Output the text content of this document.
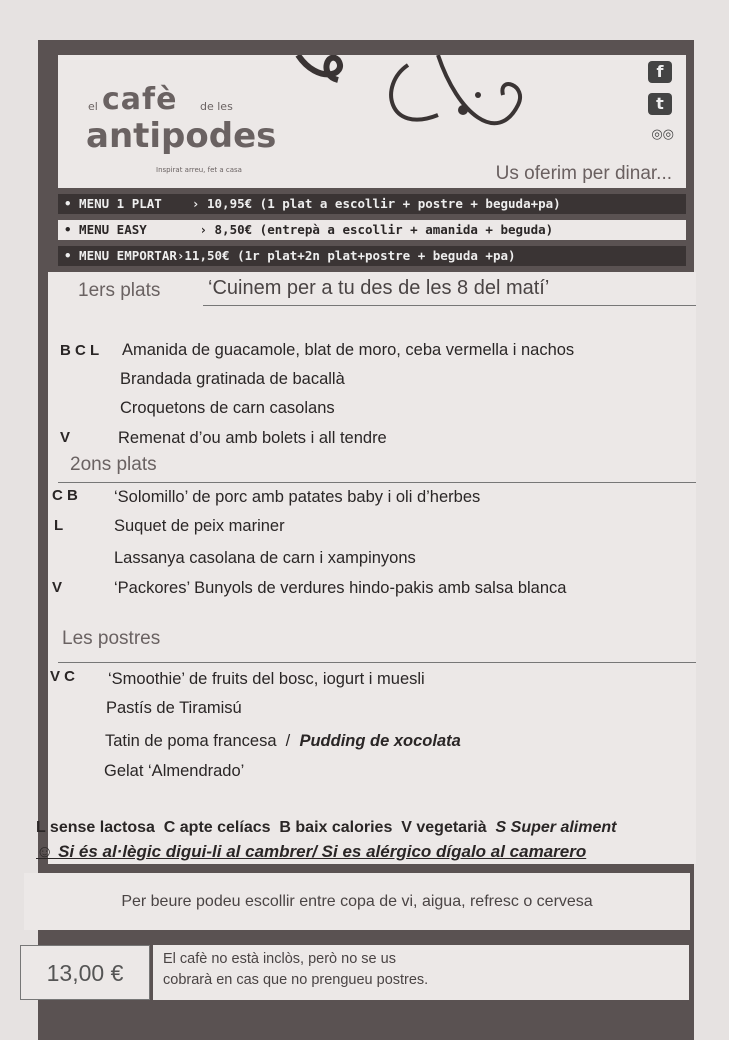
el cafè de les
antipodes
Inspirat arreu, fet a casa
f
t
◎◎
Us oferim per dinar...
• MENU 1 PLAT    › 10,95€ (1 plat a escollir + postre + beguda+pa)
• MENU EASY       › 8,50€ (entrepà a escollir + amanida + beguda)
• MENU EMPORTAR›11,50€ (1r plat+2n plat+postre + beguda +pa)
1ers plats ‘Cuinem per a tu des de les 8 del matí’
B C L Amanida de guacamole, blat de moro, ceba vermella i nachos
Brandada gratinada de bacallà
Croquetons de carn casolans
V	Remenat d’ou amb bolets i all tendre
2ons plats
C B ‘Solomillo’ de porc amb patates baby i oli d’herbes
L	Suquet de peix mariner
Lassanya casolana de carn i xampinyons
V	‘Packores’ Bunyols de verdures hindo-pakis amb salsa blanca
Les postres
V C ‘Smoothie’ de fruits del bosc, iogurt i muesli
Pastís de Tiramisú
Tatin de poma francesa  /  Pudding de xocolata
Gelat ‘Almendrado’
L sense lactosa C apte celíacs B baix calories V vegetarià S Super aliment
☺ Si és al·lègic digui-li al cambrer/ Si es alérgico dígalo al camarero
Per beure podeu escollir entre copa de vi, aigua, refresc o cervesa
13,00 €
El cafè no està inclòs, però no se us
cobrarà en cas que no prengueu postres.
